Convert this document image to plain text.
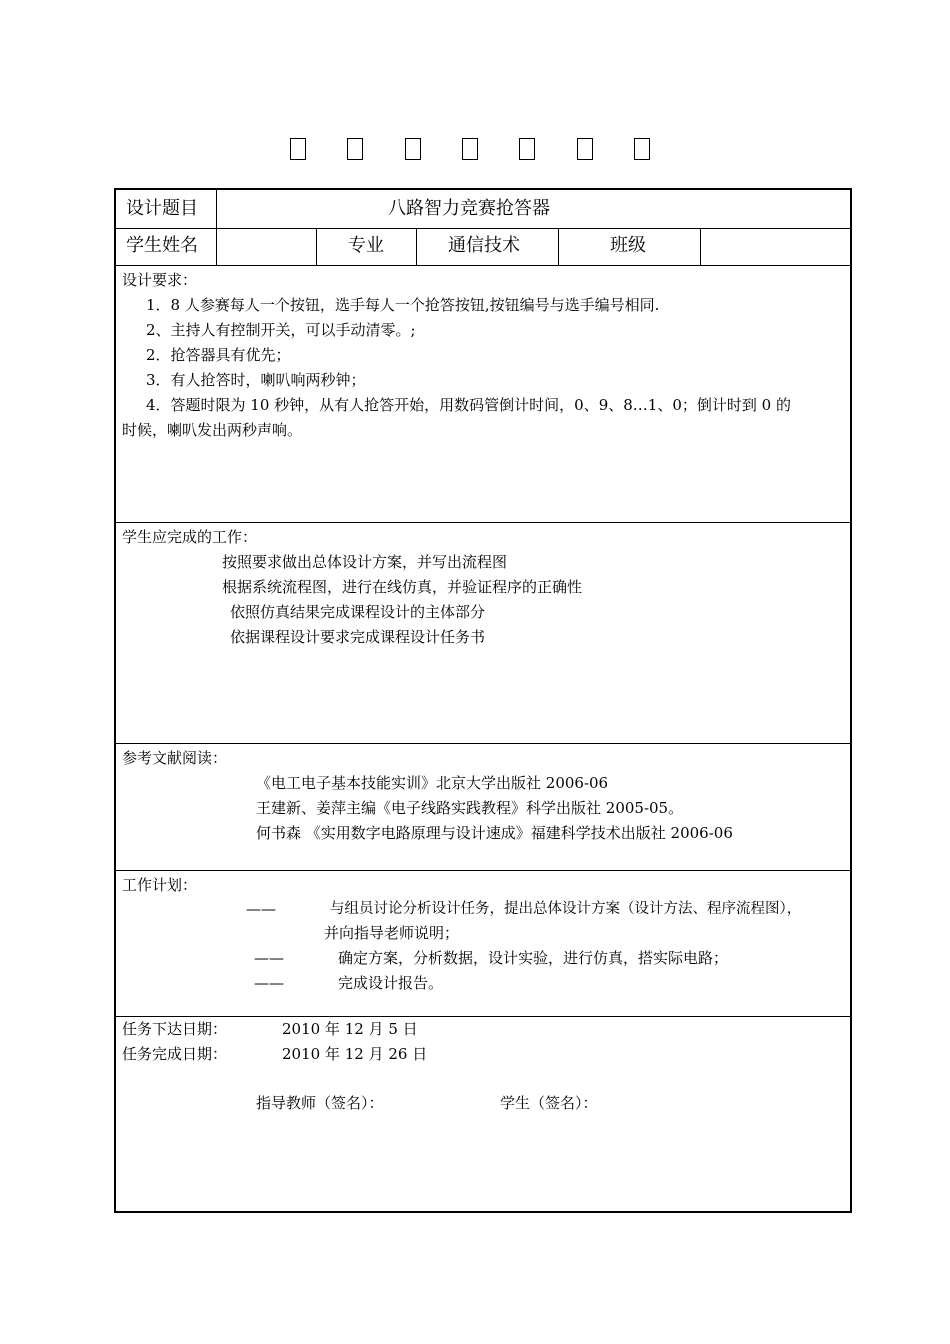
设计题目	八路智力竞赛抢答器
学生姓名	专业	通信技术	班级
设计要求：
1．8 人参赛每人一个按钮，选手每人一个抢答按钮,按钮编号与选手编号相同.
2、主持人有控制开关，可以手动清零。;
2．抢答器具有优先；
3．有人抢答时，喇叭响两秒钟；
4．答题时限为 10 秒钟，从有人抢答开始，用数码管倒计时间，0、9、8…1、0；倒计时到 0 的
时候，喇叭发出两秒声响。
学生应完成的工作：
按照要求做出总体设计方案，并写出流程图
根据系统流程图，进行在线仿真，并验证程序的正确性
依照仿真结果完成课程设计的主体部分
依据课程设计要求完成课程设计任务书
参考文献阅读：
《电工电子基本技能实训》北京大学出版社 2006-06
王建新、姜萍主编《电子线路实践教程》科学出版社 2005-05。
何书森 《实用数字电路原理与设计速成》福建科学技术出版社 2006-06
工作计划：
——	与组员讨论分析设计任务，提出总体设计方案（设计方法、程序流程图），
并向指导老师说明；
——	确定方案，分析数据，设计实验，进行仿真，搭实际电路；
——	完成设计报告。
任务下达日期：	2010 年 12 月 5 日
任务完成日期：	2010 年 12 月 26 日
指导教师（签名）：	学生（签名）：
